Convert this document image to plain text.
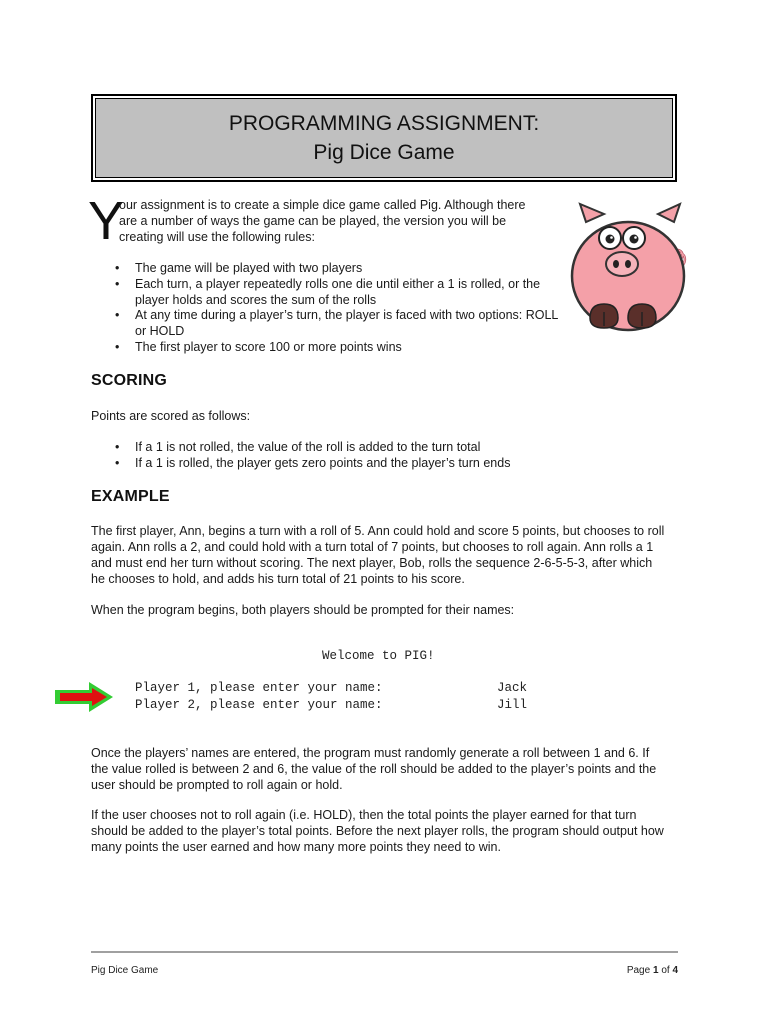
PROGRAMMING ASSIGNMENT:
Pig Dice Game
Y

our assignment is to create a simple dice game called Pig. Although there

are a number of ways the game can be played, the version you will be

creating will use the following rules:

• The game will be played with two players
• Each turn, a player repeatedly rolls one die until either a 1 is rolled, or the player holds and scores the sum of the rolls
• At any time during a player’s turn, the player is faced with two options: ROLL or HOLD
• The first player to score 100 or more points wins
SCORING
Points are scored as follows:
• If a 1 is not rolled, the value of the roll is added to the turn total
• If a 1 is rolled, the player gets zero points and the player’s turn ends
EXAMPLE

The first player, Ann, begins a turn with a roll of 5. Ann could hold and score 5 points, but chooses to roll

again. Ann rolls a 2, and could hold with a turn total of 7 points, but chooses to roll again. Ann rolls a 1

and must end her turn without scoring. The next player, Bob, rolls the sequence 2-6-5-5-3, after which

he chooses to hold, and adds his turn total of 21 points to his score.

When the program begins, both players should be prompted for their names:
Welcome to PIG!
Player 1, please enter your name:	Jack
Player 2, please enter your name:	Jill

Once the players’ names are entered, the program must randomly generate a roll between 1 and 6. If

the value rolled is between 2 and 6, the value of the roll should be added to the player’s points and the

user should be prompted to roll again or hold.

If the user chooses not to roll again (i.e. HOLD), then the total points the player earned for that turn

should be added to the player’s total points. Before the next player rolls, the program should output how

many points the user earned and how many more points they need to win.

Pig Dice Game	Page 1 of 4
